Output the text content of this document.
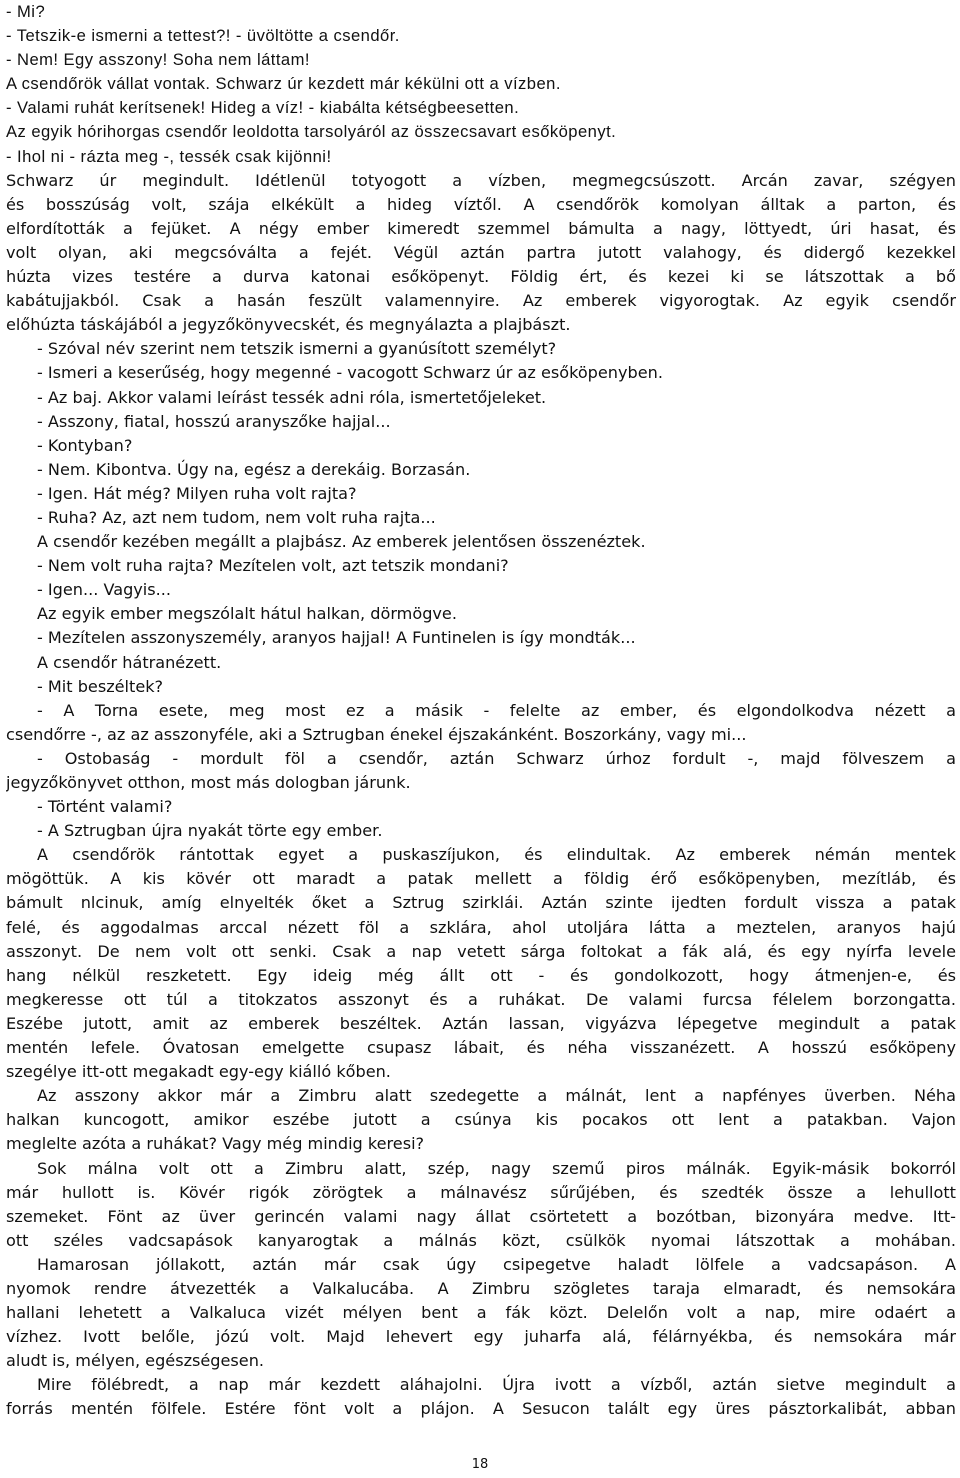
- Mi?
- Tetszik-e ismerni a tettest?! - üvöltötte a csendőr.
- Nem! Egy asszony! Soha nem láttam!
A csendőrök vállat vontak. Schwarz úr kezdett már kékülni ott a vízben.
- Valami ruhát kerítsenek! Hideg a víz! - kiabálta kétségbeesetten.
Az egyik hórihorgas csendőr leoldotta tarsolyáról az összecsavart esőköpenyt.
- Ihol ni - rázta meg -, tessék csak kijönni!
Schwarz úr megindult. Idétlenül totyogott a vízben, megmegcsúszott. Arcán zavar, szégyen
és bosszúság volt, szája elkékült a hideg víztől. A csendőrök komolyan álltak a parton, és
elfordították a fejüket. A négy ember kimeredt szemmel bámulta a nagy, löttyedt, úri hasat, és
volt olyan, aki megcsóválta a fejét. Végül aztán partra jutott valahogy, és didergő kezekkel
húzta vizes testére a durva katonai esőköpenyt. Földig ért, és kezei ki se látszottak a bő
kabátujjakból. Csak a hasán feszült valamennyire. Az emberek vigyorogtak. Az egyik csendőr
előhúzta táskájából a jegyzőkönyvecskét, és megnyálazta a plajbászt.
- Szóval név szerint nem tetszik ismerni a gyanúsított személyt?
- Ismeri a keserűség, hogy megenné - vacogott Schwarz úr az esőköpenyben.
- Az baj. Akkor valami leírást tessék adni róla, ismertetőjeleket.
- Asszony, fiatal, hosszú aranyszőke hajjal...
- Kontyban?
- Nem. Kibontva. Úgy na, egész a derekáig. Borzasán.
- Igen. Hát még? Milyen ruha volt rajta?
- Ruha? Az, azt nem tudom, nem volt ruha rajta...
A csendőr kezében megállt a plajbász. Az emberek jelentősen összenéztek.
- Nem volt ruha rajta? Mezítelen volt, azt tetszik mondani?
- Igen... Vagyis...
Az egyik ember megszólalt hátul halkan, dörmögve.
- Mezítelen asszonyszemély, aranyos hajjal! A Funtinelen is így mondták...
A csendőr hátranézett.
- Mit beszéltek?
- A Torna esete, meg most ez a másik - felelte az ember, és elgondolkodva nézett a
csendőrre -, az az asszonyféle, aki a Sztrugban énekel éjszakánként. Boszorkány, vagy mi...
- Ostobaság - mordult föl a csendőr, aztán Schwarz úrhoz fordult -, majd fölveszem a
jegyzőkönyvet otthon, most más dologban járunk.
- Történt valami?
- A Sztrugban újra nyakát törte egy ember.
A csendőrök rántottak egyet a puskaszíjukon, és elindultak. Az emberek némán mentek
mögöttük. A kis kövér ott maradt a patak mellett a földig érő esőköpenyben, mezítláb, és
bámult nlcinuk, amíg elnyelték őket a Sztrug szirklái. Aztán szinte ijedten fordult vissza a patak
felé, és aggodalmas arccal nézett föl a szklára, ahol utoljára látta a meztelen, aranyos hajú
asszonyt. De nem volt ott senki. Csak a nap vetett sárga foltokat a fák alá, és egy nyírfa levele
hang nélkül reszketett. Egy ideig még állt ott - és gondolkozott, hogy átmenjen-e, és
megkeresse ott túl a titokzatos asszonyt és a ruhákat. De valami furcsa félelem borzongatta.
Eszébe jutott, amit az emberek beszéltek. Aztán lassan, vigyázva lépegetve megindult a patak
mentén lefele. Óvatosan emelgette csupasz lábait, és néha visszanézett. A hosszú esőköpeny
szegélye itt-ott megakadt egy-egy kiálló kőben.
Az asszony akkor már a Zimbru alatt szedegette a málnát, lent a napfényes üverben. Néha
halkan kuncogott, amikor eszébe jutott a csúnya kis pocakos ott lent a patakban. Vajon
meglelte azóta a ruhákat? Vagy még mindig keresi?
Sok málna volt ott a Zimbru alatt, szép, nagy szemű piros málnák. Egyik-másik bokorról
már hullott is. Kövér rigók zörögtek a málnavész sűrűjében, és szedték össze a lehullott
szemeket. Fönt az üver gerincén valami nagy állat csörtetett a bozótban, bizonyára medve. Itt-
ott széles vadcsapások kanyarogtak a málnás közt, csülkök nyomai látszottak a mohában.
Hamarosan jóllakott, aztán már csak úgy csipegetve haladt lölfele a vadcsapáson. A
nyomok rendre átvezették a Valkalucába. A Zimbru szögletes taraja elmaradt, és nemsokára
hallani lehetett a Valkaluca vizét mélyen bent a fák közt. Delelőn volt a nap, mire odaért a
vízhez. Ivott belőle, józú volt. Majd lehevert egy juharfa alá, félárnyékba, és nemsokára már
aludt is, mélyen, egészségesen.
Mire fölébredt, a nap már kezdett aláhajolni. Újra ivott a vízből, aztán sietve megindult a
forrás mentén fölfele. Estére fönt volt a plájon. A Sesucon talált egy üres pásztorkalibát, abban
18
